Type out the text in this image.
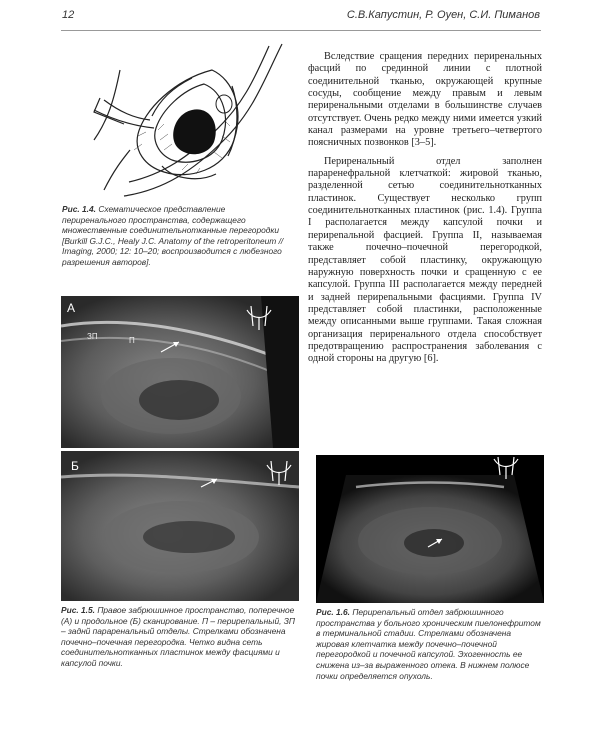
12	С.В.Капустин, Р. Оуен, С.И. Пиманов
Рис. 1.4. Схематическое представление периренального пространства, содержащего множественные соединительнотканные перегородки [Burkill G.J.C., Healy J.C. Anatomy of the retroperitoneum // Imaging, 2000; 12: 10–20; воспроизводится с любезного разрешения авторов].

Вследствие сращения передних периренальных фасций по срединной линии с плотной соединительной тканью, окружающей крупные сосуды, сообщение между правым и левым периренальными отделами в большинстве случаев отсутствует. Очень редко между ними имеется узкий канал размерами на уровне третьего–четвертого поясничных позвонков [3–5].

Периренальный отдел заполнен параренефральной клетчаткой: жировой тканью, разделенной сетью соединительнотканных пластинок. Существует несколько групп соединительнотканных пластинок (рис. 1.4). Группа I располагается между капсулой почки и перирenальной фасцией. Группа II, называемая также почечно–почечной перегородкой, представляет собой пластинку, окружающую наружную поверхность почки и сращенную с ее капсулой. Группа III располагается между передней и задней перирenальными фасциями. Группа IV представляет собой пластинки, расположенные между описанными выше группами. Такая сложная организация периренального отдела способствует предотвращению распространения заболевания с одной стороны на другую [6].

А
ЗП	П
Б
Рис. 1.5. Правое забрюшинное пространство, поперечное (А) и продольное (Б) сканирование. П – перирenальный, ЗП – заднй параренальный отделы. Стрелками обозначена почечно–почечная перегородка. Четко видна сеть соединительнотканных пластинок между фасциями и капсулой почки.
Рис. 1.6. Перирenальный отдел забрюшинного пространства у больного хроническим пиелонефритом в терминальной стадии. Стрелками обозначена жировая клетчатка между почечно–почечной перегородкой и почечной капсулой. Эхогенность ее снижена из–за выраженного отека. В нижнем полюсе почки определяется опухоль.
